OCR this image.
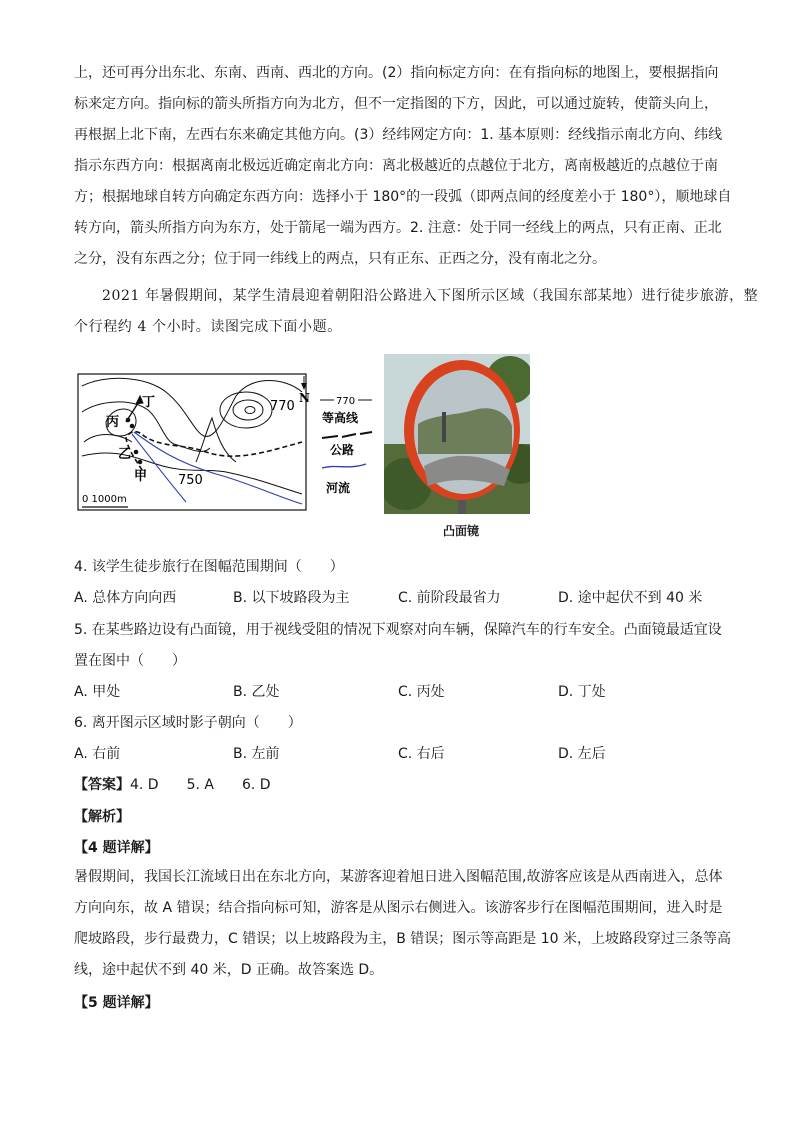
上，还可再分出东北、东南、西南、西北的方向。(2）指向标定方向：在有指向标的地图上，要根据指向
标来定方向。指向标的箭头所指方向为北方，但不一定指图的下方，因此，可以通过旋转，使箭头向上，
再根据上北下南，左西右东来确定其他方向。(3）经纬网定方向：1. 基本原则：经线指示南北方向、纬线
指示东西方向：根据离南北极远近确定南北方向：离北极越近的点越位于北方，离南极越近的点越位于南
方；根据地球自转方向确定东西方向：选择小于 180°的一段弧（即两点间的经度差小于 180°），顺地球自
转方向，箭头所指方向为东方，处于箭尾一端为西方。2. 注意：处于同一经线上的两点，只有正南、正北
之分，没有东西之分；位于同一纬线上的两点，只有正东、正西之分，没有南北之分。
2021 年暑假期间，某学生清晨迎着朝阳沿公路进入下图所示区域（我国东部某地）进行徒步旅游，整
个行程约 4 个小时。读图完成下面小题。
丁
丙
乙
甲
770
750
N
0 1000m
770
等高线
公路
河流
凸面镜
4. 该学生徒步旅行在图幅范围期间（　　）
A. 总体方向向西	B. 以下坡路段为主	C. 前阶段最省力	D. 途中起伏不到 40 米
5. 在某些路边设有凸面镜，用于视线受阻的情况下观察对向车辆，保障汽车的行车安全。凸面镜最适宜设
置在图中（　　）
A. 甲处	B. 乙处	C. 丙处	D. 丁处
6. 离开图示区域时影子朝向（　　）
A. 右前	B. 左前	C. 右后	D. 左后
【答案】4. D　　5. A　　6. D
【解析】
【4 题详解】
暑假期间，我国长江流域日出在东北方向，某游客迎着旭日进入图幅范围,故游客应该是从西南进入，总体
方向向东，故 A 错误；结合指向标可知，游客是从图示右侧进入。该游客步行在图幅范围期间，进入时是
爬坡路段，步行最费力，C 错误；以上坡路段为主，B 错误；图示等高距是 10 米，上坡路段穿过三条等高
线，途中起伏不到 40 米，D 正确。故答案选 D。
【5 题详解】
